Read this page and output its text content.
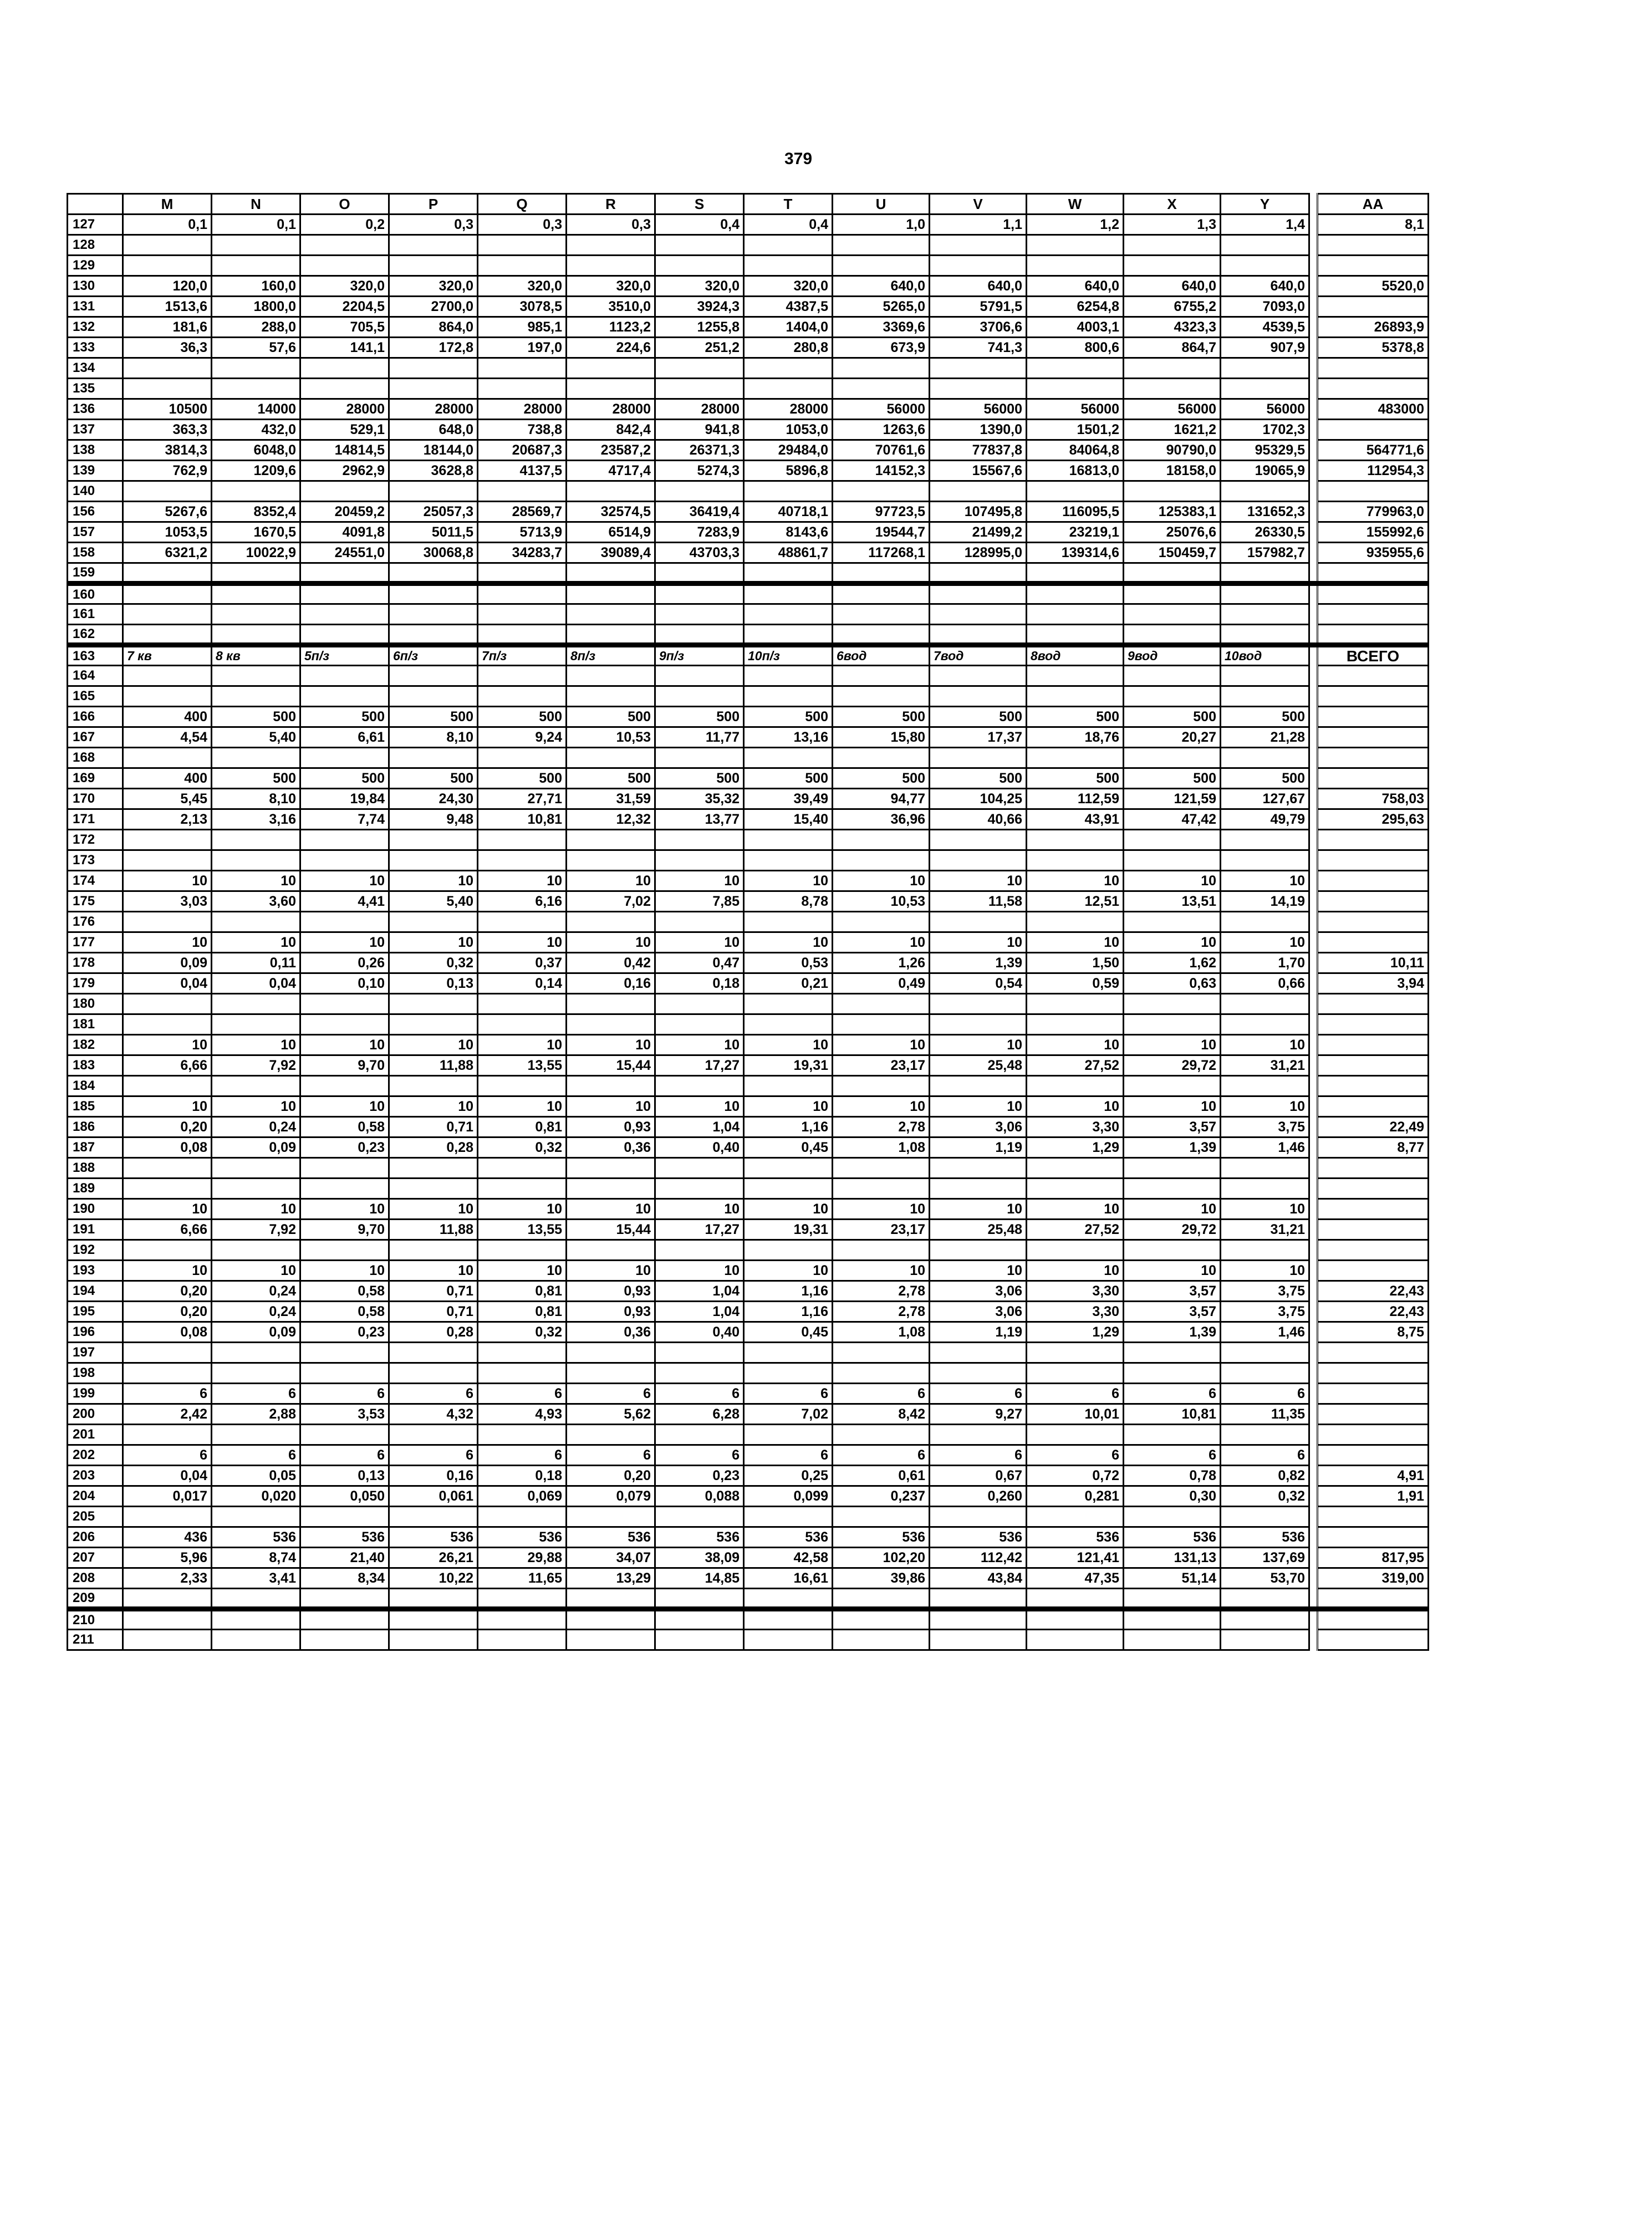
379
	M	N	O	P	Q	R	S	T	U	V	W	X	Y		AA
127	0,1	0,1	0,2	0,3	0,3	0,3	0,4	0,4	1,0	1,1	1,2	1,3	1,4		8,1
128															
129															
130	120,0	160,0	320,0	320,0	320,0	320,0	320,0	320,0	640,0	640,0	640,0	640,0	640,0		5520,0
131	1513,6	1800,0	2204,5	2700,0	3078,5	3510,0	3924,3	4387,5	5265,0	5791,5	6254,8	6755,2	7093,0		
132	181,6	288,0	705,5	864,0	985,1	1123,2	1255,8	1404,0	3369,6	3706,6	4003,1	4323,3	4539,5		26893,9
133	36,3	57,6	141,1	172,8	197,0	224,6	251,2	280,8	673,9	741,3	800,6	864,7	907,9		5378,8
134															
135															
136	10500	14000	28000	28000	28000	28000	28000	28000	56000	56000	56000	56000	56000		483000
137	363,3	432,0	529,1	648,0	738,8	842,4	941,8	1053,0	1263,6	1390,0	1501,2	1621,2	1702,3		
138	3814,3	6048,0	14814,5	18144,0	20687,3	23587,2	26371,3	29484,0	70761,6	77837,8	84064,8	90790,0	95329,5		564771,6
139	762,9	1209,6	2962,9	3628,8	4137,5	4717,4	5274,3	5896,8	14152,3	15567,6	16813,0	18158,0	19065,9		112954,3
140															
156	5267,6	8352,4	20459,2	25057,3	28569,7	32574,5	36419,4	40718,1	97723,5	107495,8	116095,5	125383,1	131652,3		779963,0
157	1053,5	1670,5	4091,8	5011,5	5713,9	6514,9	7283,9	8143,6	19544,7	21499,2	23219,1	25076,6	26330,5		155992,6
158	6321,2	10022,9	24551,0	30068,8	34283,7	39089,4	43703,3	48861,7	117268,1	128995,0	139314,6	150459,7	157982,7		935955,6
159															
160															
161															
162															
163	7 кв	8 кв	5п/з	6п/з	7п/з	8п/з	9п/з	10п/з	6вод	7вод	8вод	9вод	10вод		ВСЕГО
164															
165															
166	400	500	500	500	500	500	500	500	500	500	500	500	500		
167	4,54	5,40	6,61	8,10	9,24	10,53	11,77	13,16	15,80	17,37	18,76	20,27	21,28		
168															
169	400	500	500	500	500	500	500	500	500	500	500	500	500		
170	5,45	8,10	19,84	24,30	27,71	31,59	35,32	39,49	94,77	104,25	112,59	121,59	127,67		758,03
171	2,13	3,16	7,74	9,48	10,81	12,32	13,77	15,40	36,96	40,66	43,91	47,42	49,79		295,63
172															
173															
174	10	10	10	10	10	10	10	10	10	10	10	10	10		
175	3,03	3,60	4,41	5,40	6,16	7,02	7,85	8,78	10,53	11,58	12,51	13,51	14,19		
176															
177	10	10	10	10	10	10	10	10	10	10	10	10	10		
178	0,09	0,11	0,26	0,32	0,37	0,42	0,47	0,53	1,26	1,39	1,50	1,62	1,70		10,11
179	0,04	0,04	0,10	0,13	0,14	0,16	0,18	0,21	0,49	0,54	0,59	0,63	0,66		3,94
180															
181															
182	10	10	10	10	10	10	10	10	10	10	10	10	10		
183	6,66	7,92	9,70	11,88	13,55	15,44	17,27	19,31	23,17	25,48	27,52	29,72	31,21		
184															
185	10	10	10	10	10	10	10	10	10	10	10	10	10		
186	0,20	0,24	0,58	0,71	0,81	0,93	1,04	1,16	2,78	3,06	3,30	3,57	3,75		22,49
187	0,08	0,09	0,23	0,28	0,32	0,36	0,40	0,45	1,08	1,19	1,29	1,39	1,46		8,77
188															
189															
190	10	10	10	10	10	10	10	10	10	10	10	10	10		
191	6,66	7,92	9,70	11,88	13,55	15,44	17,27	19,31	23,17	25,48	27,52	29,72	31,21		
192															
193	10	10	10	10	10	10	10	10	10	10	10	10	10		
194	0,20	0,24	0,58	0,71	0,81	0,93	1,04	1,16	2,78	3,06	3,30	3,57	3,75		22,43
195	0,20	0,24	0,58	0,71	0,81	0,93	1,04	1,16	2,78	3,06	3,30	3,57	3,75		22,43
196	0,08	0,09	0,23	0,28	0,32	0,36	0,40	0,45	1,08	1,19	1,29	1,39	1,46		8,75
197															
198															
199	6	6	6	6	6	6	6	6	6	6	6	6	6		
200	2,42	2,88	3,53	4,32	4,93	5,62	6,28	7,02	8,42	9,27	10,01	10,81	11,35		
201															
202	6	6	6	6	6	6	6	6	6	6	6	6	6		
203	0,04	0,05	0,13	0,16	0,18	0,20	0,23	0,25	0,61	0,67	0,72	0,78	0,82		4,91
204	0,017	0,020	0,050	0,061	0,069	0,079	0,088	0,099	0,237	0,260	0,281	0,30	0,32		1,91
205															
206	436	536	536	536	536	536	536	536	536	536	536	536	536		
207	5,96	8,74	21,40	26,21	29,88	34,07	38,09	42,58	102,20	112,42	121,41	131,13	137,69		817,95
208	2,33	3,41	8,34	10,22	11,65	13,29	14,85	16,61	39,86	43,84	47,35	51,14	53,70		319,00
209															
210															
211															
